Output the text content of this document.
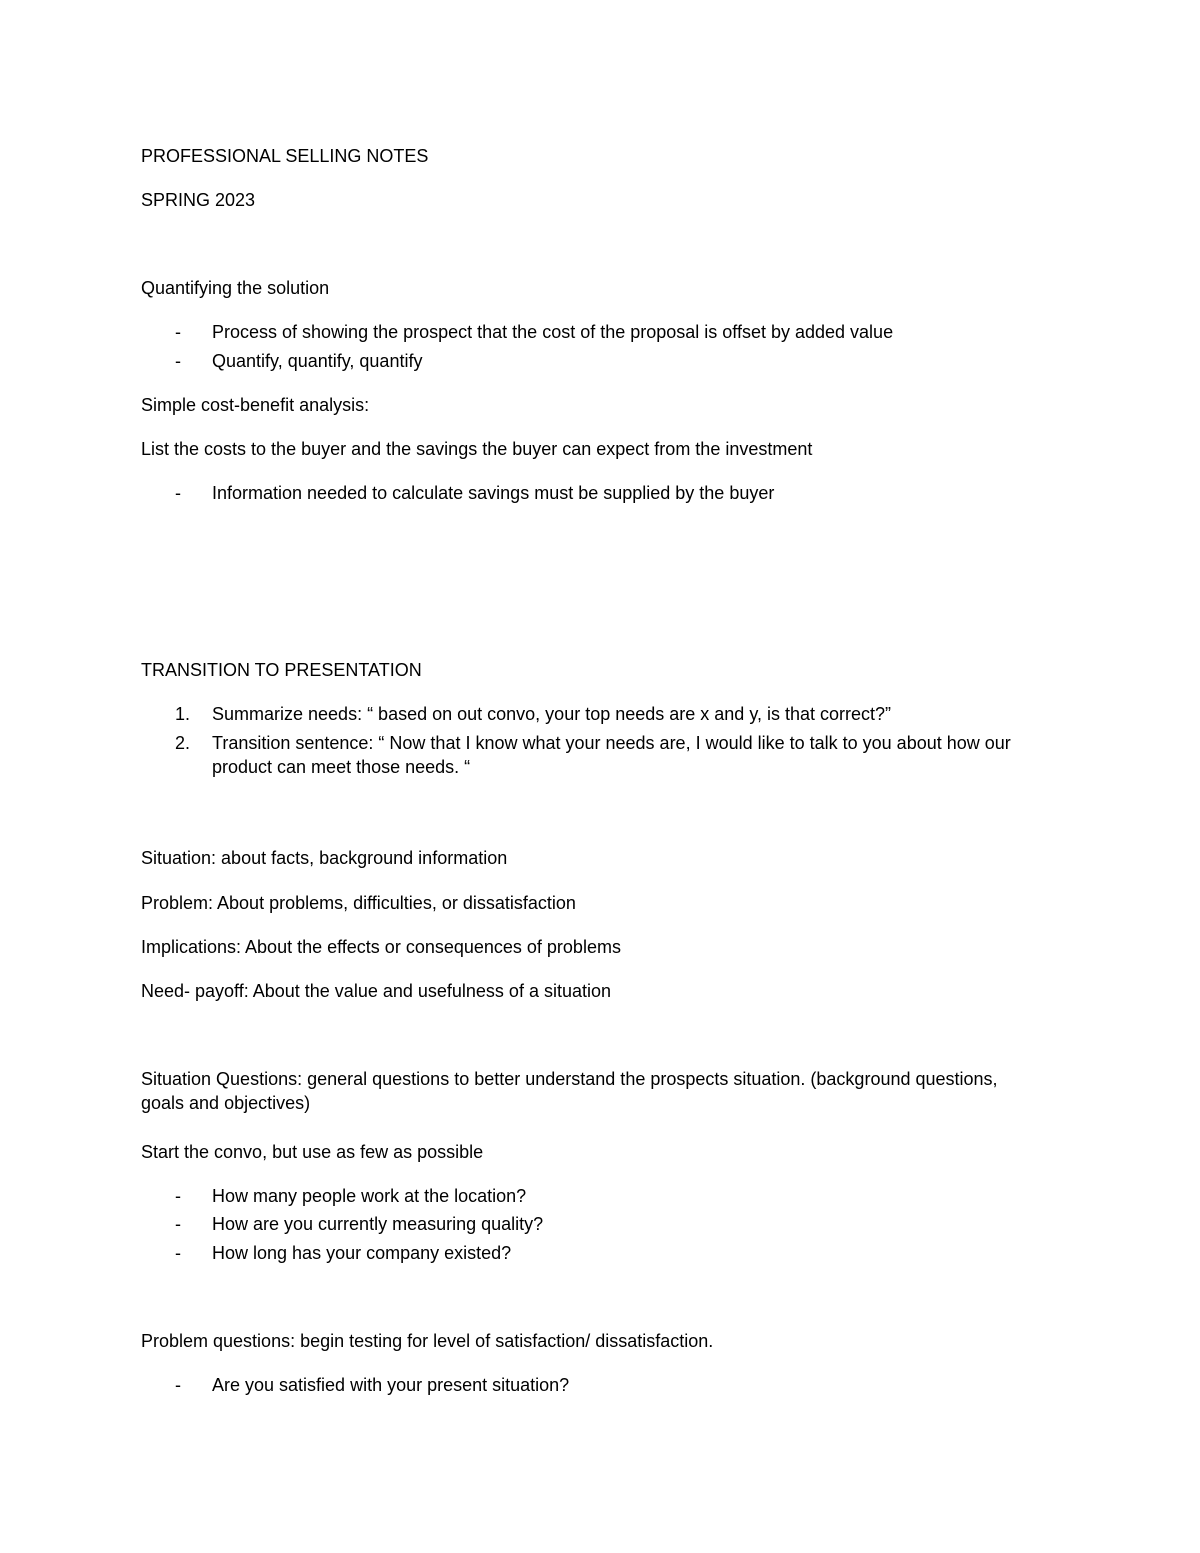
PROFESSIONAL SELLING NOTES
SPRING 2023
Quantifying the solution
-	Process of showing the prospect that the cost of the proposal is offset by added value
-	Quantify, quantify, quantify
Simple cost-benefit analysis:
List the costs to the buyer and the savings the buyer can expect from the investment
-	Information needed to calculate savings must be supplied by the buyer
TRANSITION TO PRESENTATION
1.	Summarize needs: “ based on out convo, your top needs are x and y, is that correct?”
2.	Transition sentence: “ Now that I know what your needs are, I would like to talk to you about how our product can meet those needs. “
Situation: about facts, background information
Problem: About problems, difficulties, or dissatisfaction
Implications: About the effects or consequences of problems
Need- payoff: About the value and usefulness of a situation
Situation Questions: general questions to better understand the prospects situation. (background questions, goals and objectives)
Start the convo, but use as few as possible
-	How many people work at the location?
-	How are you currently measuring quality?
-	How long has your company existed?
Problem questions: begin testing for level of satisfaction/ dissatisfaction.
-	Are you satisfied with your present situation?
